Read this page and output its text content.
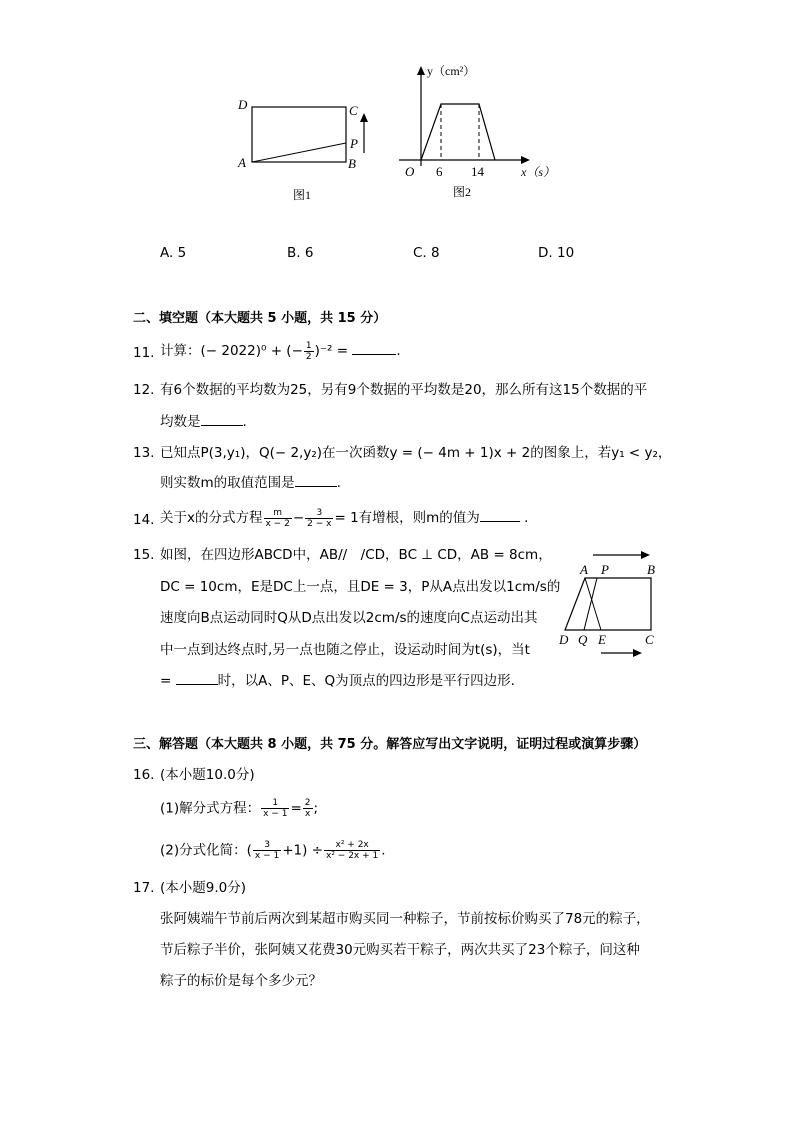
D	C
P
A	B
图1
y（cm²）
O 6 14	x（s）
图2
A. 5	B. 6	C. 8	D. 10
二、填空题（本大题共 5 小题，共 15 分）
11. 计算：(− 2022)⁰ + (− $\frac{1}{2} )^{-2}$ =	.
12. 有6个数据的平均数为25，另有9个数据的平均数是20，那么所有这15个数据的平
均数是	.
13. 已知点P(3,y₁)，Q(− 2,y₂)在一次函数y = (− 4m + 1)x + 2的图象上，若y₁ < y₂，
则实数m的取值范围是	.
14. 关于x的分式方程 $\frac{m}{x - 2} - \frac{3}{2 - x} = 1$有增根，则m的值为	.
15. 如图，在四边形ABCD中，AB//　/CD，BC ⊥ CD，AB = 8cm，
DC = 10cm，E是DC上一点，且DE = 3，P从A点出发以1cm/s的
速度向B点运动同时Q从D点出发以2cm/s的速度向C点运动岀其
中一点到达终点时,另一点也随之停止，设运动时间为t(s)，当t
=	时，以A、P、E、Q为顶点的四边形是平行四边形.
A P	B
D Q E	C
三、解答题（本大题共 8 小题，共 75 分。解答应写出文字说明，证明过程或演算步骤）
16. (本小题10.0分)
(1)解分式方程： $\frac{1}{x - 1} = \frac{2}{x}$ ;
(2)分式化简：( $\frac{3}{x - 1} +1) \div \frac{\text{x² + 2x}}{\text{x² − 2x + 1}}$ .
17. (本小题9.0分)
张阿姨端午节前后两次到某超市购买同一种粽子，节前按标价购买了78元的粽子，
节后粽子半价，张阿姨又花费30元购买若干粽子，两次共买了23个粽子，问这种
粽子的标价是每个多少元？
